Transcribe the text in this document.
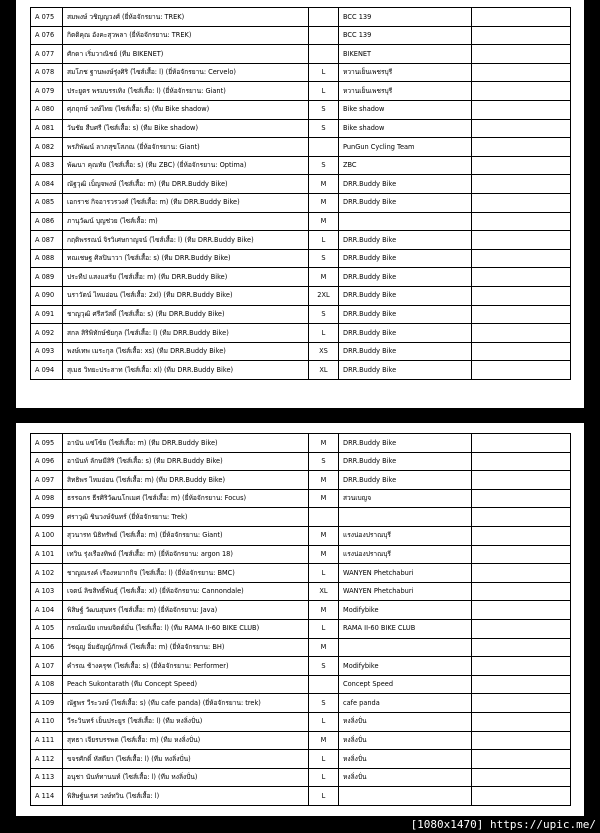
A 075	สมพงษ์ วชิญญวงศ์ (ยี่ห้อจักรยาน: TREK)		BCC 139	
A 076	กิตติคุณ อังคะสุวพลา (ยี่ห้อจักรยาน: TREK)		BCC 139	
A 077	ศักดา เริ่มวาณิชย์ (ทีม BIKENET)		BIKENET	
A 078	สมโภช ฐานพงษ์รุ่งศิริ (ไซส์เสื้อ: l) (ยี่ห้อจักรยาน: Cervelo)	L	หวานเย็นเพชรบุรี	
A 079	ประยูตร พรมบรรเทิง (ไซส์เสื้อ: l) (ยี่ห้อจักรยาน: Giant)	L	หวานเย็นเพชรบุรี	
A 080	ศุภฤกษ์ วงษ์ไทย (ไซส์เสื้อ: s) (ทีม Bike shadow)	S	Bike shadow	
A 081	วันชัย สืบศรี (ไซส์เสื้อ: s) (ทีม Bike shadow)	S	Bike shadow	
A 082	พรภิพัฒน์ ลาภสุขโสภณ (ยี่ห้อจักรยาน: Giant)		PunGun Cycling Team	
A 083	พัฒนา คุณทัย (ไซส์เสื้อ: s) (ทีม ZBC) (ยี่ห้อจักรยาน: Optima)	S	ZBC	
A 084	ณัฐวุฒิ เบ็ญจพงษ์ (ไซส์เสื้อ: m) (ทีม DRR.Buddy Bike)	M	DRR.Buddy Bike	
A 085	เอกราช กิจอารวรวงศ์ (ไซส์เสื้อ: m) (ทีม DRR.Buddy Bike)	M	DRR.Buddy Bike	
A 086	ภานุวัฒน์ บุญช่วย (ไซส์เสื้อ: m)	M		
A 087	กฤติพรรณน์ จิรวิเศษกาญจน์ (ไซส์เสื้อ: l) (ทีม DRR.Buddy Bike)	L	DRR.Buddy Bike	
A 088	ทณเชษฐ ศิลปินาวา (ไซส์เสื้อ: s) (ทีม DRR.Buddy Bike)	S	DRR.Buddy Bike	
A 089	ประทีป แสงแสร้ย (ไซส์เสื้อ: m) (ทีม DRR.Buddy Bike)	M	DRR.Buddy Bike	
A 090	นราวัตน์ ไหมอ่อน (ไซส์เสื้อ: 2xl) (ทีม DRR.Buddy Bike)	2XL	DRR.Buddy Bike	
A 091	ชาญวุฒิ ศรีสวัสดิ์ (ไซส์เสื้อ: s) (ทีม DRR.Buddy Bike)	S	DRR.Buddy Bike	
A 092	สกล สิริพิทักษ์ชัยกุล (ไซส์เสื้อ: l) (ทีม DRR.Buddy Bike)	L	DRR.Buddy Bike	
A 093	พงษ์เทพ เมระกุล (ไซส์เสื้อ: xs) (ทีม DRR.Buddy Bike)	XS	DRR.Buddy Bike	
A 094	สุเมธ วิทยะประสาท (ไซส์เสื้อ: xl) (ทีม DRR.Buddy Bike)	XL	DRR.Buddy Bike	
A 095	อานัน แซ่โซ้ย (ไซส์เสื้อ: m) (ทีม DRR.Buddy Bike)	M	DRR.Buddy Bike	
A 096	อานันท์ ลักษมีสิริ (ไซส์เสื้อ: s) (ทีม DRR.Buddy Bike)	S	DRR.Buddy Bike	
A 097	สิทธิพร ไหมอ่อน (ไซส์เสื้อ: m) (ทีม DRR.Buddy Bike)	M	DRR.Buddy Bike	
A 098	ธรรฉกร ธีรศิริวัฒนโกเมศ (ไซส์เสื้อ: m) (ยี่ห้อจักรยาน: Focus)	M	สวนเบญจ	
A 099	ศราวุฒิ ชินวงษ์จันทร์ (ยี่ห้อจักรยาน: Trek)			
A 100	สุวนารท นิธิทรัพย์ (ไซส์เสื้อ: m) (ยี่ห้อจักรยาน: Giant)	M	แรงน่องปราณบุรี	
A 101	เทวิน รุ่งเรืองทิพย์ (ไซส์เสื้อ: m) (ยี่ห้อจักรยาน: argon 18)	M	แรงน่องปราณบุรี	
A 102	ชาญณรงค์ เรืองหมากกิจ (ไซส์เสื้อ: l) (ยี่ห้อจักรยาน: BMC)	L	WANYEN Phetchaburi	
A 103	เจตน์ ลิขสิทธิ์พันธุ์ (ไซส์เสื้อ: xl) (ยี่ห้อจักรยาน: Cannondale)	XL	WANYEN Phetchaburi	
A 104	พิสิษฐ์ วัฒนสุนทร (ไซส์เสื้อ: m) (ยี่ห้อจักรยาน: Java)	M	Modifybike	
A 105	กรณ์ณนัย เกษมจิตต์มั่น (ไซส์เสื้อ: l) (ทีม RAMA II-60 BIKE CLUB)	L	RAMA II-60 BIKE CLUB	
A 106	วัชฉุญ อิ่มธัญญ์ภักพล์ (ไซส์เสื้อ: m) (ยี่ห้อจักรยาน: BH)	M		
A 107	คำรณ ช้างครุฑ (ไซส์เสื้อ: s) (ยี่ห้อจักรยาน: Performer)	S	Modifybike	
A 108	Peach Sukontarath (ทีม Concept Speed)		Concept Speed	
A 109	ณัฐพร วีระวงษ์ (ไซส์เสื้อ: s) (ทีม cafe panda) (ยี่ห้อจักรยาน: trek)	S	cafe panda	
A 110	วีระวินทร์ เย็นประยูร (ไซส์เสื้อ: l) (ทีม หงลิ่งปั่น)	L	หงลิ่งปั่น	
A 111	สุทธา เจียรบรรพต (ไซส์เสื้อ: m) (ทีม หงลิ่งปั่น)	M	หงลิ่งปั่น	
A 112	ขจรศักดิ์ หัสดียา (ไซส์เสื้อ: l) (ทีม หงลิ่งปั่น)	L	หงลิ่งปั่น	
A 113	อนุชา นันท์ทานนท์ (ไซส์เสื้อ: l) (ทีม หงลิ่งปั่น)	L	หงลิ่งปั่น	
A 114	พิสิษฐ์นเรศ วงษ์ทวิน (ไซส์เสื้อ: l)	L		
[1080x1470] https://upic.me/
